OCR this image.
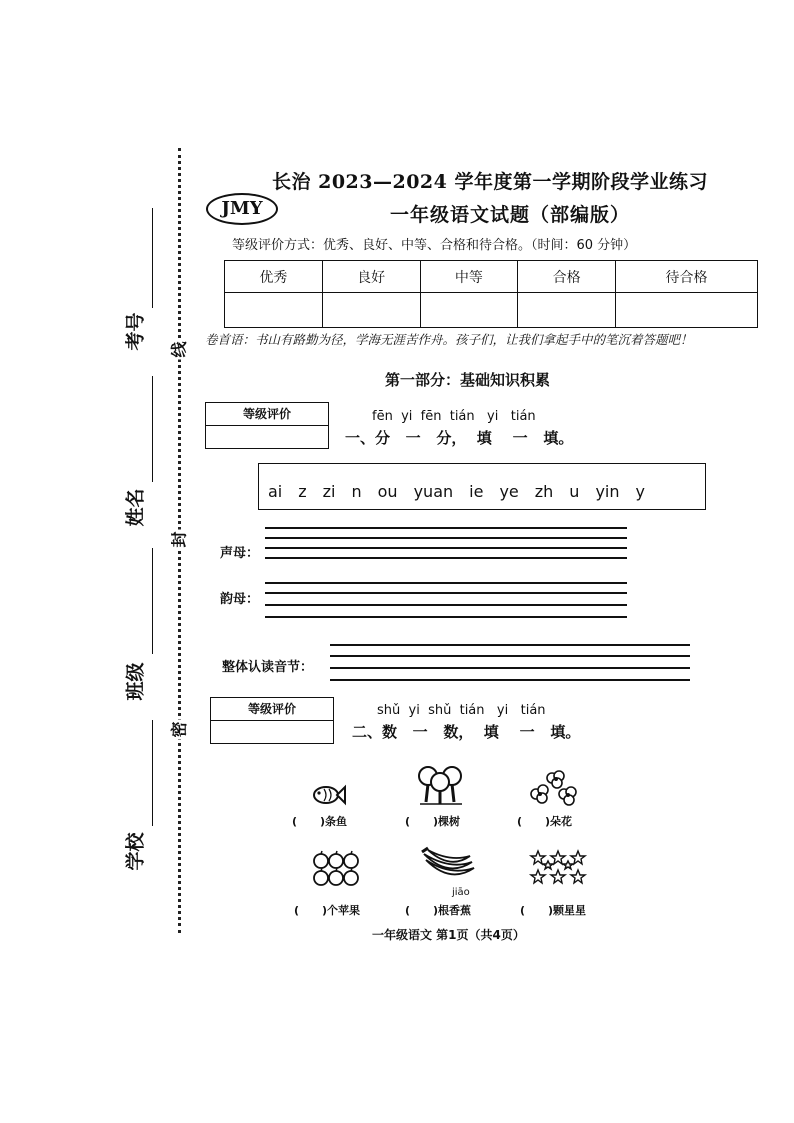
考号
姓名
班级
学校
线
封
密
长治 2023—2024 学年度第一学期阶段学业练习
JMY	一年级语文试题（部编版）
等级评价方式：优秀、良好、中等、合格和待合格。（时间：60 分钟）
优秀	良好	中等	合格	待合格

卷首语：书山有路勤为径，学海无涯苦作舟。孩子们，让我们拿起手中的笔沉着答题吧！
第一部分：基础知识积累
等级评价	fēn  yi  fēn  tián   yi   tián
一、分   一   分，  填    一   填。
ai z zi n ou yuan ie ye zh u yin y
声母：
韵母：
整体认读音节：
等级评价	shǔ  yi  shǔ  tián   yi   tián
二、数   一   数，  填    一   填。
(      )条鱼	(      )棵树	(      )朵花
jiāo
(      )个苹果	(      )根香蕉	(      )颗星星
一年级语文 第1页（共4页）
